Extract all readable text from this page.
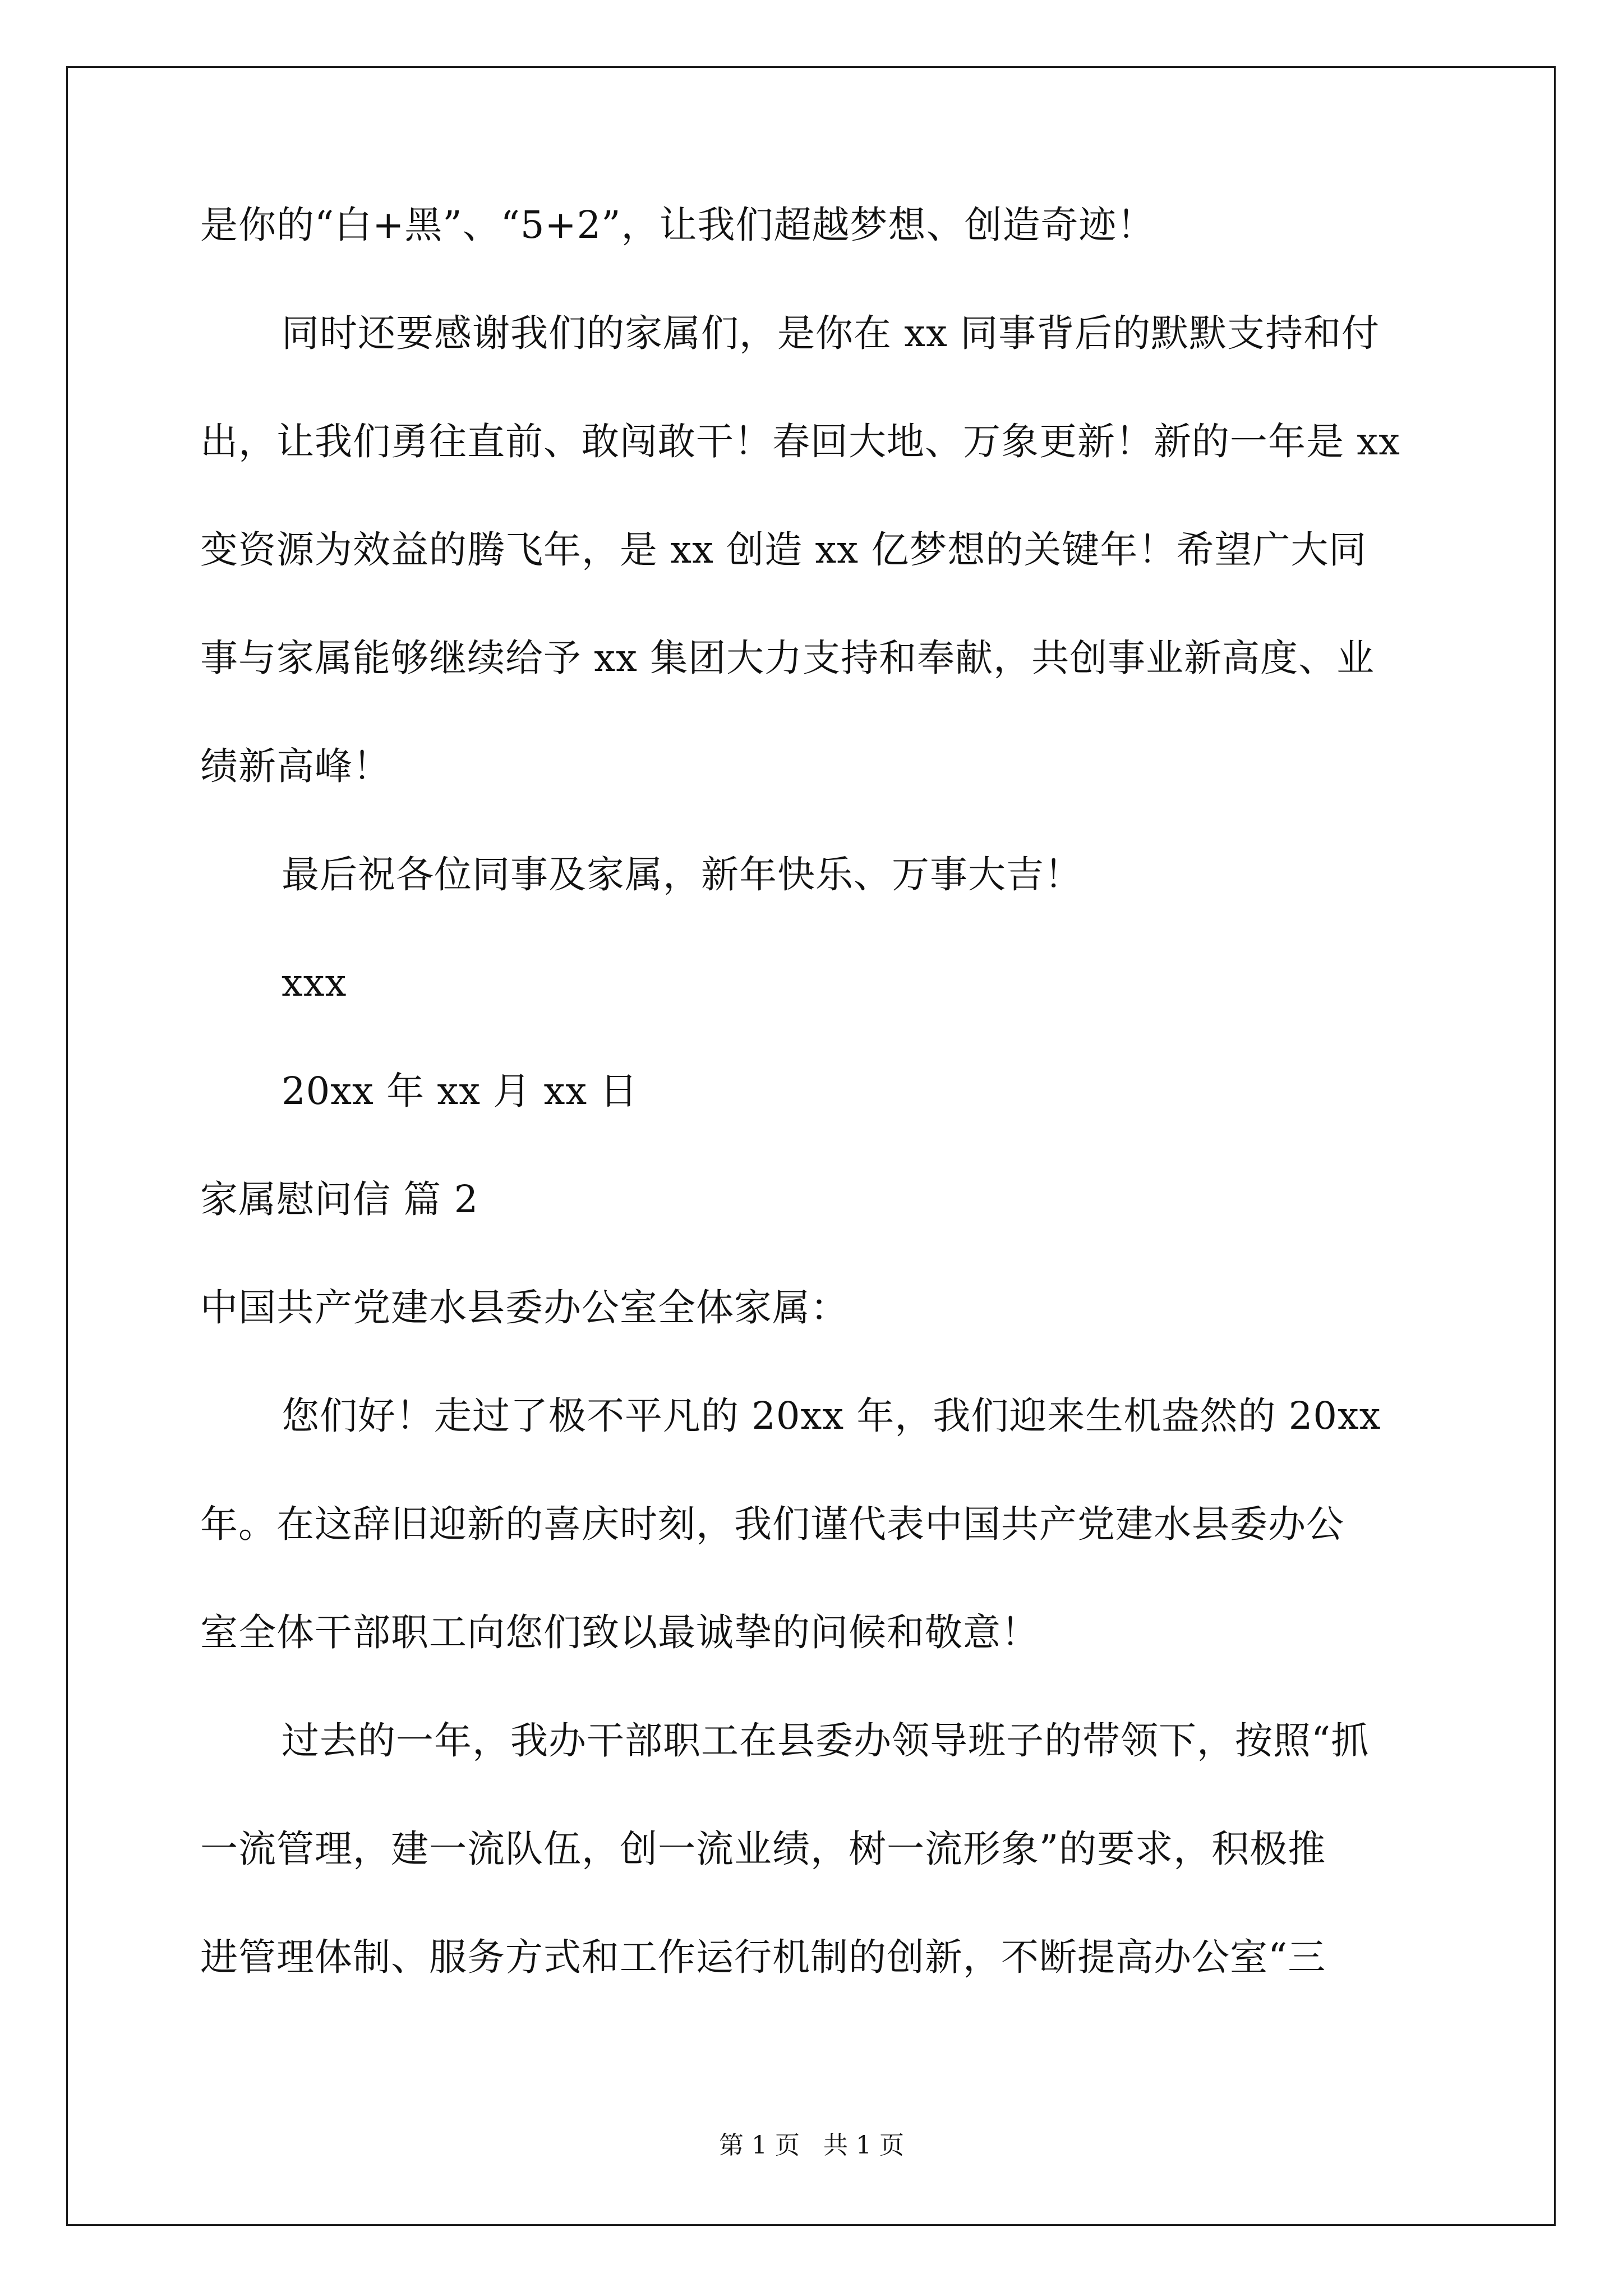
是你的“白+黑”、“5+2”，让我们超越梦想、创造奇迹！
同时还要感谢我们的家属们，是你在 xx 同事背后的默默支持和付
出，让我们勇往直前、敢闯敢干！春回大地、万象更新！新的一年是 xx
变资源为效益的腾飞年，是 xx 创造 xx 亿梦想的关键年！希望广大同
事与家属能够继续给予 xx 集团大力支持和奉献，共创事业新高度、业
绩新高峰！
最后祝各位同事及家属，新年快乐、万事大吉！
xxx
20xx 年 xx 月 xx 日
家属慰问信 篇 2
中国共产党建水县委办公室全体家属：
您们好！走过了极不平凡的 20xx 年，我们迎来生机盎然的 20xx
年。在这辞旧迎新的喜庆时刻，我们谨代表中国共产党建水县委办公
室全体干部职工向您们致以最诚挚的问候和敬意！
过去的一年，我办干部职工在县委办领导班子的带领下，按照“抓
一流管理，建一流队伍，创一流业绩，树一流形象”的要求，积极推
进管理体制、服务方式和工作运行机制的创新，不断提高办公室“三
第 1 页   共 1 页
